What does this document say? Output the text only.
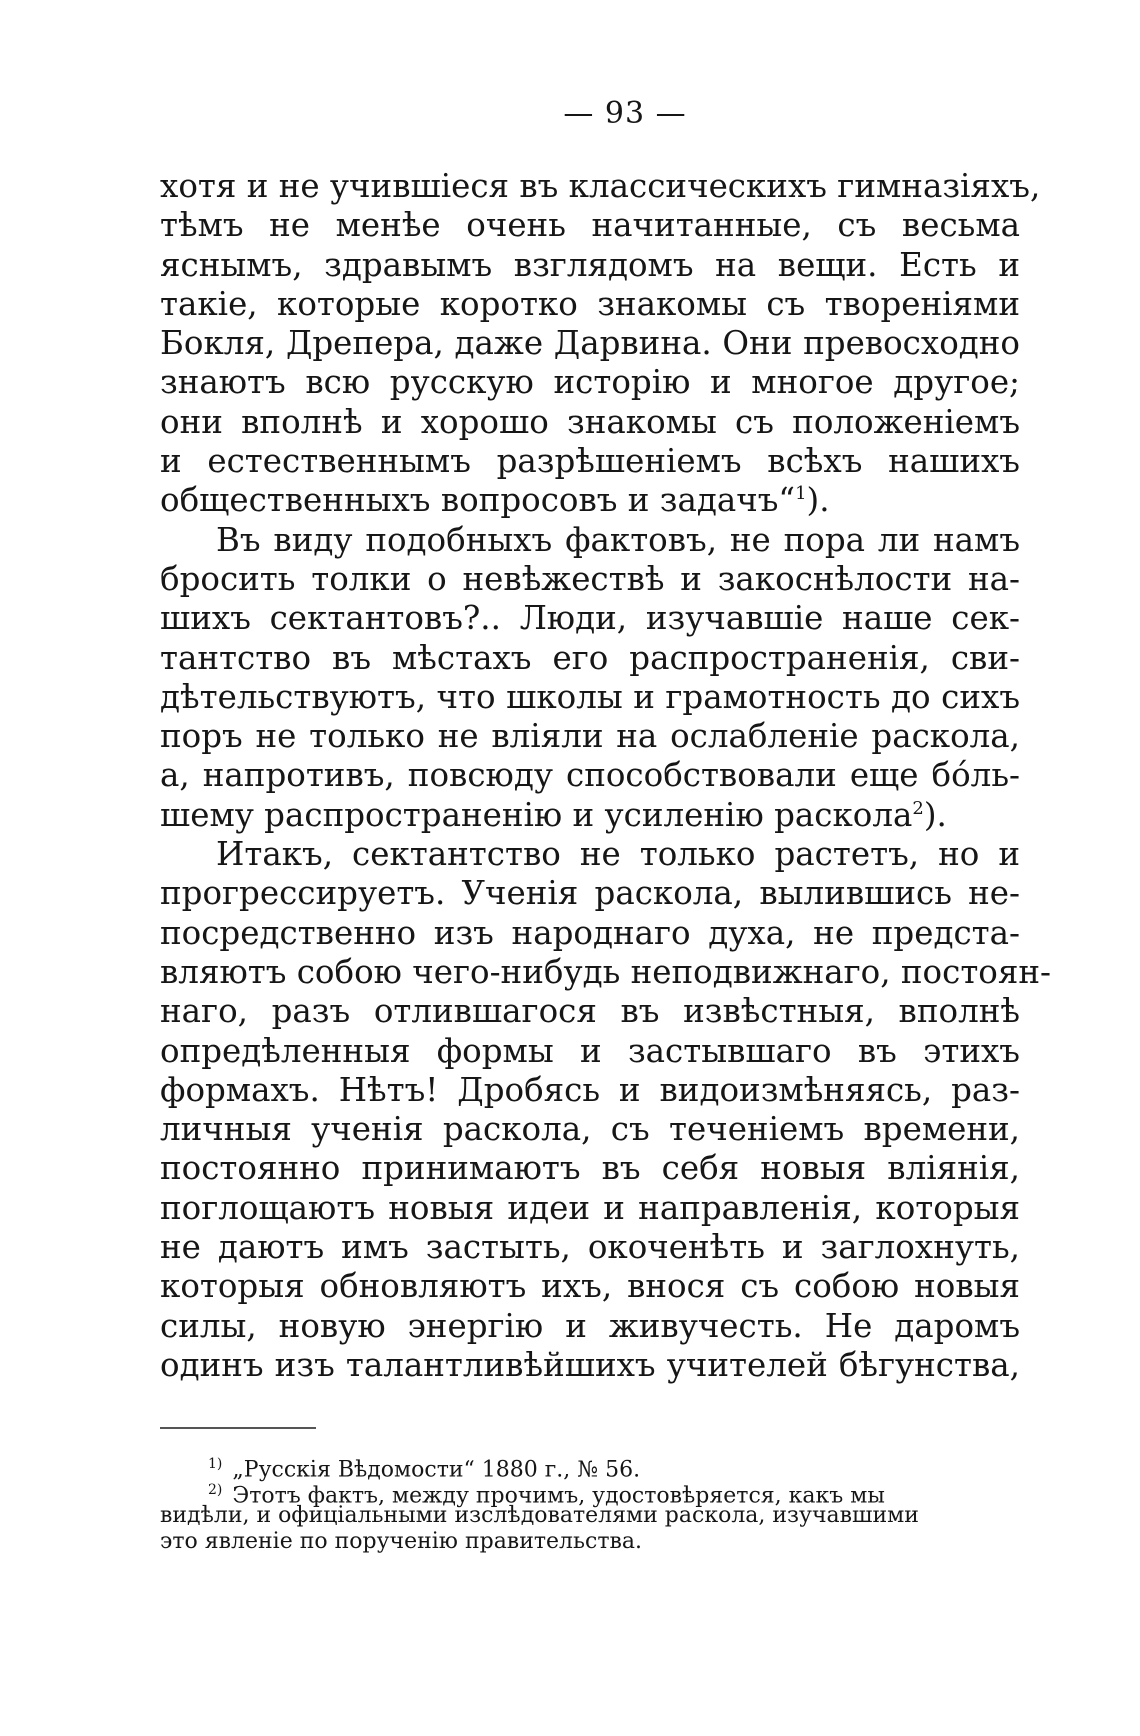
— 93 —
хотя и не учившіеся въ классическихъ гимназіяхъ,
тѣмъ не менѣе очень начитанные, съ весьма
яснымъ, здравымъ взглядомъ на вещи. Есть и
такіе, которые коротко знакомы съ твореніями
Бокля, Дрепера, даже Дарвина. Они превосходно
знаютъ всю русскую исторію и многое другое;
они вполнѣ и хорошо знакомы съ положеніемъ
и естественнымъ разрѣшеніемъ всѣхъ нашихъ
общественныхъ вопросовъ и задачъ“$^1$).
Въ виду подобныхъ фактовъ, не пора ли намъ
бросить толки о невѣжествѣ и закоснѣлости на-
шихъ сектантовъ?.. Люди, изучавшіе наше сек-
тантство въ мѣстахъ его распространенія, сви-
дѣтельствуютъ, что школы и грамотность до сихъ
поръ не только не вліяли на ослабленіе раскола,
а, напротивъ, повсюду способствовали еще бóль-
шему распространенію и усиленію раскола$^2$).
Итакъ, сектантство не только растетъ, но и
прогрессируетъ. Ученія раскола, вылившись не-
посредственно изъ народнаго духа, не предста-
вляютъ собою чего-нибудь неподвижнаго, постоян-
наго, разъ отлившагося въ извѣстныя, вполнѣ
опредѣленныя формы и застывшаго въ этихъ
формахъ. Нѣтъ! Дробясь и видоизмѣняясь, раз-
личныя ученія раскола, съ теченіемъ времени,
постоянно принимаютъ въ себя новыя вліянія,
поглощаютъ новыя идеи и направленія, которыя
не даютъ имъ застыть, окоченѣть и заглохнуть,
которыя обновляютъ ихъ, внося съ собою новыя
силы, новую энергію и живучесть. Не даромъ
одинъ изъ талантливѣйшихъ учителей бѣгунства,
$^{1)}$ „Русскія Вѣдомости“ 1880 г., № 56.
$^{2)}$ Этотъ фактъ, между прочимъ, удостовѣряется, какъ мы
видѣли, и офиціальными изслѣдователями раскола, изучавшими
это явленіе по порученію правительства.
